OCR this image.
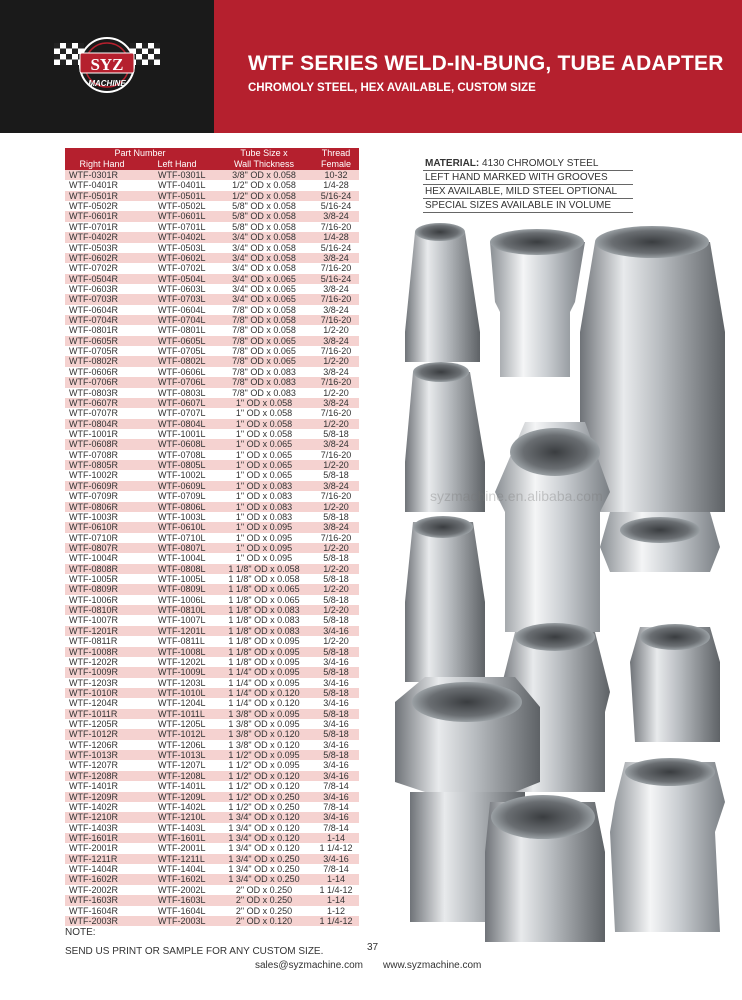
SYZ
MACHINE
WTF SERIES WELD-IN-BUNG, TUBE ADAPTER
CHROMOLY STEEL, HEX AVAILABLE, CUSTOM SIZE
Part Number		Tube Size x	Thread
Right Hand	Left Hand	Wall Thickness	Female
WTF-0301R	WTF-0301L	3/8" OD x 0.058	10-32
WTF-0401R	WTF-0401L	1/2" OD x 0.058	1/4-28
WTF-0501R	WTF-0501L	1/2" OD x 0.058	5/16-24
WTF-0502R	WTF-0502L	5/8" OD x 0.058	5/16-24
WTF-0601R	WTF-0601L	5/8" OD x 0.058	3/8-24
WTF-0701R	WTF-0701L	5/8" OD x 0.058	7/16-20
WTF-0402R	WTF-0402L	3/4" OD x 0.058	1/4-28
WTF-0503R	WTF-0503L	3/4" OD x 0.058	5/16-24
WTF-0602R	WTF-0602L	3/4" OD x 0.058	3/8-24
WTF-0702R	WTF-0702L	3/4" OD x 0.058	7/16-20
WTF-0504R	WTF-0504L	3/4" OD x 0.065	5/16-24
WTF-0603R	WTF-0603L	3/4" OD x 0.065	3/8-24
WTF-0703R	WTF-0703L	3/4" OD x 0.065	7/16-20
WTF-0604R	WTF-0604L	7/8" OD x 0.058	3/8-24
WTF-0704R	WTF-0704L	7/8" OD x 0.058	7/16-20
WTF-0801R	WTF-0801L	7/8" OD x 0.058	1/2-20
WTF-0605R	WTF-0605L	7/8" OD x 0.065	3/8-24
WTF-0705R	WTF-0705L	7/8" OD x 0.065	7/16-20
WTF-0802R	WTF-0802L	7/8" OD x 0.065	1/2-20
WTF-0606R	WTF-0606L	7/8" OD x 0.083	3/8-24
WTF-0706R	WTF-0706L	7/8" OD x 0.083	7/16-20
WTF-0803R	WTF-0803L	7/8" OD x 0.083	1/2-20
WTF-0607R	WTF-0607L	1" OD x 0.058	3/8-24
WTF-0707R	WTF-0707L	1" OD x 0.058	7/16-20
WTF-0804R	WTF-0804L	1" OD x 0.058	1/2-20
WTF-1001R	WTF-1001L	1" OD x 0.058	5/8-18
WTF-0608R	WTF-0608L	1" OD x 0.065	3/8-24
WTF-0708R	WTF-0708L	1" OD x 0.065	7/16-20
WTF-0805R	WTF-0805L	1" OD x 0.065	1/2-20
WTF-1002R	WTF-1002L	1" OD x 0.065	5/8-18
WTF-0609R	WTF-0609L	1" OD x 0.083	3/8-24
WTF-0709R	WTF-0709L	1" OD x 0.083	7/16-20
WTF-0806R	WTF-0806L	1" OD x 0.083	1/2-20
WTF-1003R	WTF-1003L	1" OD x 0.083	5/8-18
WTF-0610R	WTF-0610L	1" OD x 0.095	3/8-24
WTF-0710R	WTF-0710L	1" OD x 0.095	7/16-20
WTF-0807R	WTF-0807L	1" OD x 0.095	1/2-20
WTF-1004R	WTF-1004L	1" OD x 0.095	5/8-18
WTF-0808R	WTF-0808L	1 1/8" OD x 0.058	1/2-20
WTF-1005R	WTF-1005L	1 1/8" OD x 0.058	5/8-18
WTF-0809R	WTF-0809L	1 1/8" OD x 0.065	1/2-20
WTF-1006R	WTF-1006L	1 1/8" OD x 0.065	5/8-18
WTF-0810R	WTF-0810L	1 1/8" OD x 0.083	1/2-20
WTF-1007R	WTF-1007L	1 1/8" OD x 0.083	5/8-18
WTF-1201R	WTF-1201L	1 1/8" OD x 0.083	3/4-16
WTF-0811R	WTF-0811L	1 1/8" OD x 0.095	1/2-20
WTF-1008R	WTF-1008L	1 1/8" OD x 0.095	5/8-18
WTF-1202R	WTF-1202L	1 1/8" OD x 0.095	3/4-16
WTF-1009R	WTF-1009L	1 1/4" OD x 0.095	5/8-18
WTF-1203R	WTF-1203L	1 1/4" OD x 0.095	3/4-16
WTF-1010R	WTF-1010L	1 1/4" OD x 0.120	5/8-18
WTF-1204R	WTF-1204L	1 1/4" OD x 0.120	3/4-16
WTF-1011R	WTF-1011L	1 3/8" OD x 0.095	5/8-18
WTF-1205R	WTF-1205L	1 3/8" OD x 0.095	3/4-16
WTF-1012R	WTF-1012L	1 3/8" OD x 0.120	5/8-18
WTF-1206R	WTF-1206L	1 3/8" OD x 0.120	3/4-16
WTF-1013R	WTF-1013L	1 1/2" OD x 0.095	5/8-18
WTF-1207R	WTF-1207L	1 1/2" OD x 0.095	3/4-16
WTF-1208R	WTF-1208L	1 1/2" OD x 0.120	3/4-16
WTF-1401R	WTF-1401L	1 1/2" OD x 0.120	7/8-14
WTF-1209R	WTF-1209L	1 1/2" OD x 0.250	3/4-16
WTF-1402R	WTF-1402L	1 1/2" OD x 0.250	7/8-14
WTF-1210R	WTF-1210L	1 3/4" OD x 0.120	3/4-16
WTF-1403R	WTF-1403L	1 3/4" OD x 0.120	7/8-14
WTF-1601R	WTF-1601L	1 3/4" OD x 0.120	1-14
WTF-2001R	WTF-2001L	1 3/4" OD x 0.120	1 1/4-12
WTF-1211R	WTF-1211L	1 3/4" OD x 0.250	3/4-16
WTF-1404R	WTF-1404L	1 3/4" OD x 0.250	7/8-14
WTF-1602R	WTF-1602L	1 3/4" OD x 0.250	1-14
WTF-2002R	WTF-2002L	2" OD x 0.250	1 1/4-12
WTF-1603R	WTF-1603L	2" OD x 0.250	1-14
WTF-1604R	WTF-1604L	2" OD x 0.250	1-12
WTF-2003R	WTF-2003L	2" OD x 0.120	1 1/4-12
NOTE:
SEND US PRINT OR SAMPLE FOR ANY CUSTOM SIZE.	37
sales@syzmachine.com www.syzmachine.com
MATERIAL: 4130 CHROMOLY STEEL
LEFT HAND MARKED WITH GROOVES
HEX AVAILABLE, MILD STEEL OPTIONAL
SPECIAL SIZES AVAILABLE IN VOLUME
syzmachine.en.alibaba.com
